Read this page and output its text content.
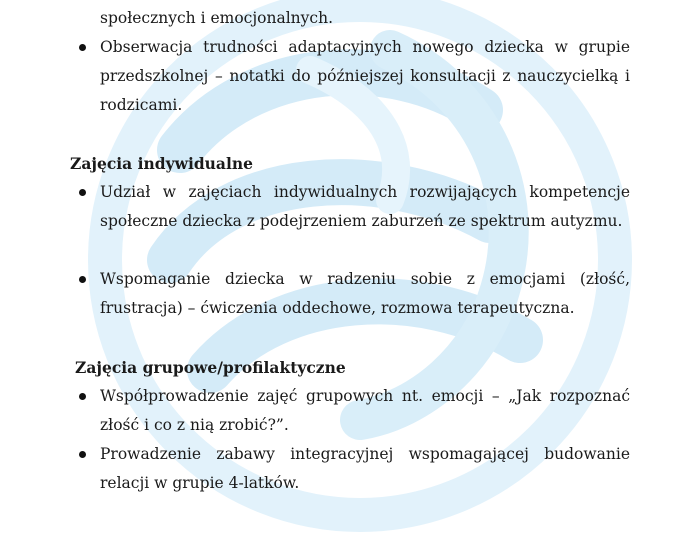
społecznych i emocjonalnych.
Obserwacja trudności adaptacyjnych nowego dziecka w grupie przedszkolnej – notatki do późniejszej konsultacji z nauczycielką i rodzicami.
Zajęcia indywidualne
Udział w zajęciach indywidualnych rozwijających kompetencje społeczne dziecka z podejrzeniem zaburzeń ze spektrum autyzmu.
Wspomaganie dziecka w radzeniu sobie z emocjami (złość, frustracja) – ćwiczenia oddechowe, rozmowa terapeutyczna.
Zajęcia grupowe/profilaktyczne
Współprowadzenie zajęć grupowych nt. emocji – „Jak rozpoznać złość i co z nią zrobić?”.
Prowadzenie zabawy integracyjnej wspomagającej budowanie relacji w grupie 4-latków.
